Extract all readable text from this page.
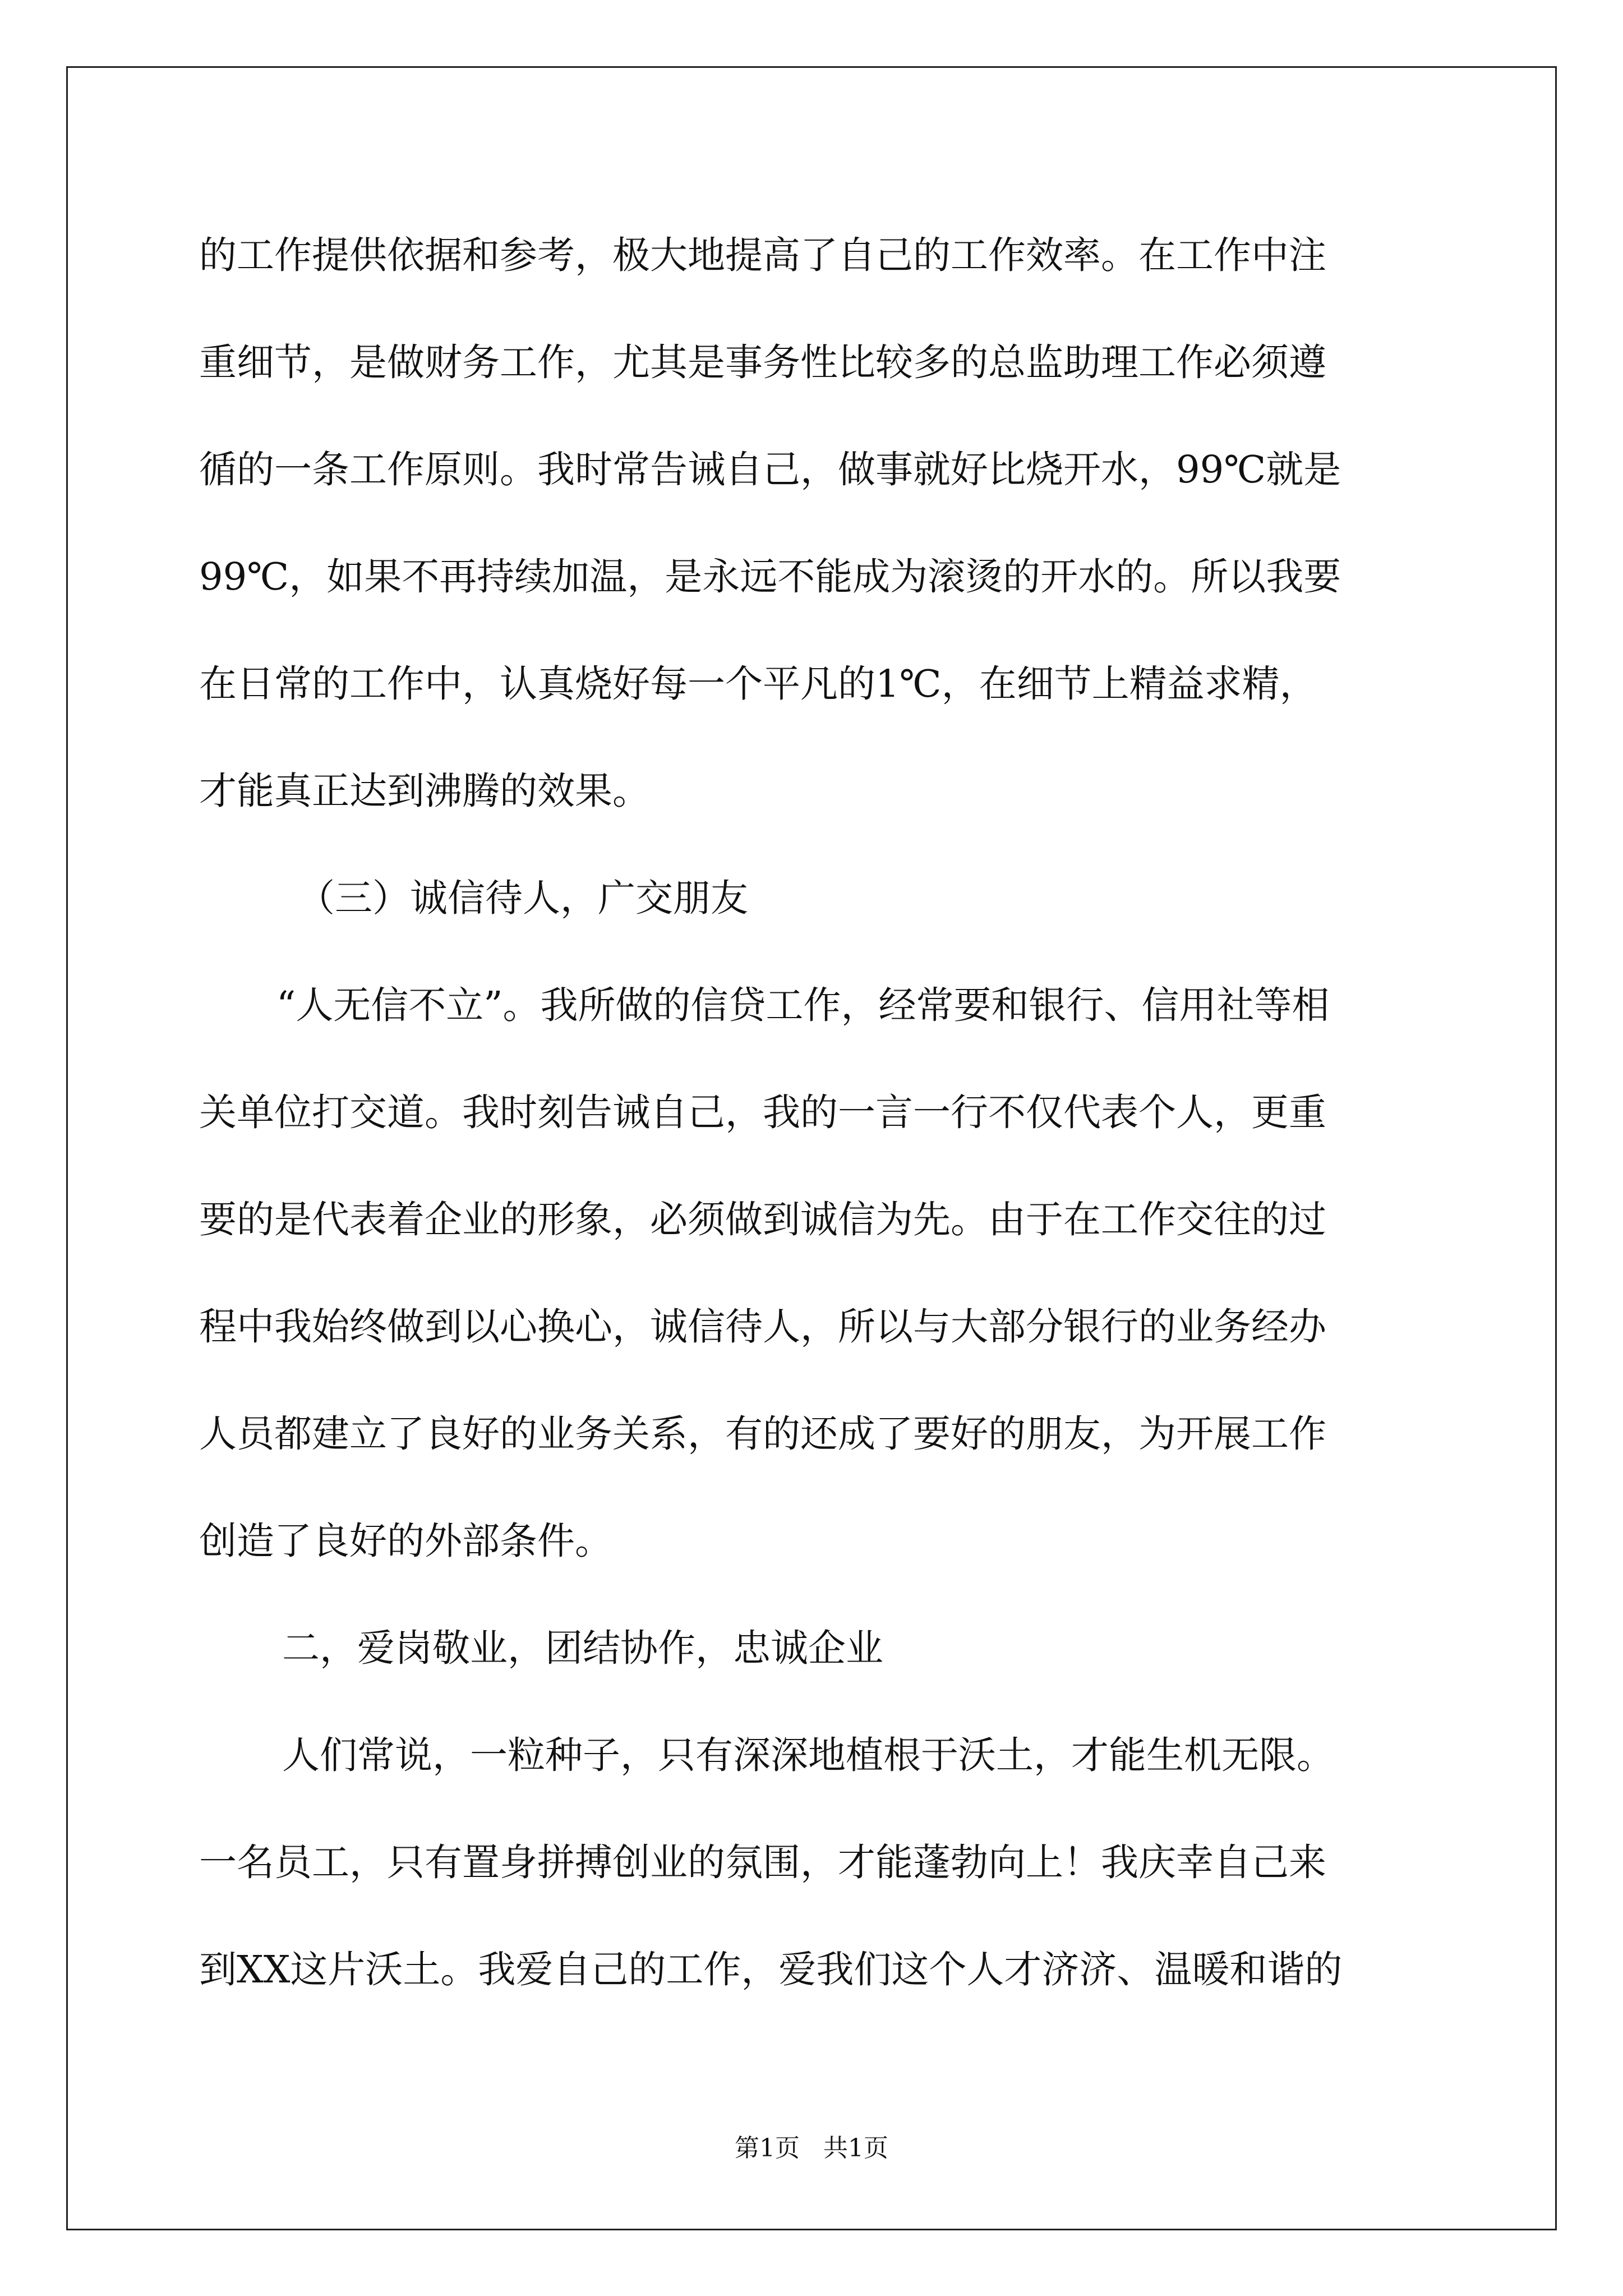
的工作提供依据和参考，极大地提高了自己的工作效率。在工作中注
重细节，是做财务工作，尤其是事务性比较多的总监助理工作必须遵
循的一条工作原则。我时常告诫自己，做事就好比烧开水，99℃就是
99℃，如果不再持续加温，是永远不能成为滚烫的开水的。所以我要
在日常的工作中，认真烧好每一个平凡的1℃，在细节上精益求精，
才能真正达到沸腾的效果。
（三）诚信待人，广交朋友
“人无信不立”。我所做的信贷工作，经常要和银行、信用社等相
关单位打交道。我时刻告诫自己，我的一言一行不仅代表个人，更重
要的是代表着企业的形象，必须做到诚信为先。由于在工作交往的过
程中我始终做到以心换心，诚信待人，所以与大部分银行的业务经办
人员都建立了良好的业务关系，有的还成了要好的朋友，为开展工作
创造了良好的外部条件。
二，爱岗敬业，团结协作，忠诚企业
人们常说，一粒种子，只有深深地植根于沃土，才能生机无限。
一名员工，只有置身拼搏创业的氛围，才能蓬勃向上！我庆幸自己来
到XX这片沃土。我爱自己的工作，爱我们这个人才济济、温暖和谐的
第1页   共1页
